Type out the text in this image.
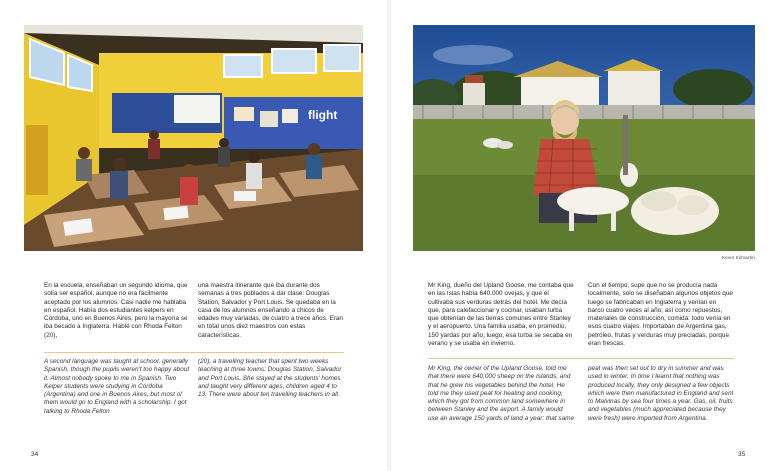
flight
Kevin Kilmartin

En la escuela, enseñaban un segundo idioma, que solía ser español, aunque no era fácilmente aceptado por los alumnos. Casi nadie me hablaba en español. Había dos estudiantes kelpers en Córdoba, uno en Buenos Aires, pero la mayoría se iba becado a Inglaterra. Hablé con Rhoda Felton (20),

una maestra itinerante que iba durante dos semanas a tres poblados a dar clase: Douglas Station, Salvador y Port Louis. Se quedaba en la casa de los alumnos enseñando a chicos de edades muy variadas, de cuatro a trece años. Eran en total unos diez maestros con estas características.

A second language was taught at school, generally Spanish, though the pupils weren't too happy about it. Almost nobody spoke to me in Spanish. Two Kelper students were studying in Córdoba (Argentina) and one in Buenos Aires, but most of them would go to England with a scholarship. I got talking to Rhoda Felton

(20), a travelling teacher that spent two weeks teaching at three towns: Douglas Station, Salvador and Port Louis. She stayed at the students' homes and taught very different ages, children aged 4 to 13. There were about ten travelling teachers in all.

Mr King, dueño del Upland Goose, me contaba que en las Islas había 640.000 ovejas, y que él cultivaba sus verduras detrás del hotel. Me decía que, para calefaccionar y cocinar, usaban turba que obtenían de las tierras comunes entre Stanley y el aeropuerto. Una familia usaba, en promedio, 150 yardas por año; luego, esa turba se secaba en verano y se usaba en invierno.

Con el tiempo, supe que no se producía nada localmente, solo se diseñaban algunos objetos que luego se fabricaban en Inglaterra y venían en barco cuatro veces al año; así como repuestos, materiales de construcción, comida: todo venía en esos cuatro viajes. Importaban de Argentina gas, petróleo, frutas y verduras muy preciadas, porque eran frescas.

Mr King, the owner of the Upland Goose, told me that there were 640,000 sheep on the Islands, and that he grew his vegetables behind the hotel. He told me they used peat for heating and cooking, which they got from common land somewhere in between Stanley and the airport. A family would use an average 150 yards of land a year; that same

peat was then set out to dry in summer and was used in winter. In time I learnt that nothing was produced locally, they only designed a few objects which were then manufactured in England and sent to Malvinas by sea four times a year. Gas, oil, fruits and vegetables (much appreciated because they were fresh) were imported from Argentina.

34	35
